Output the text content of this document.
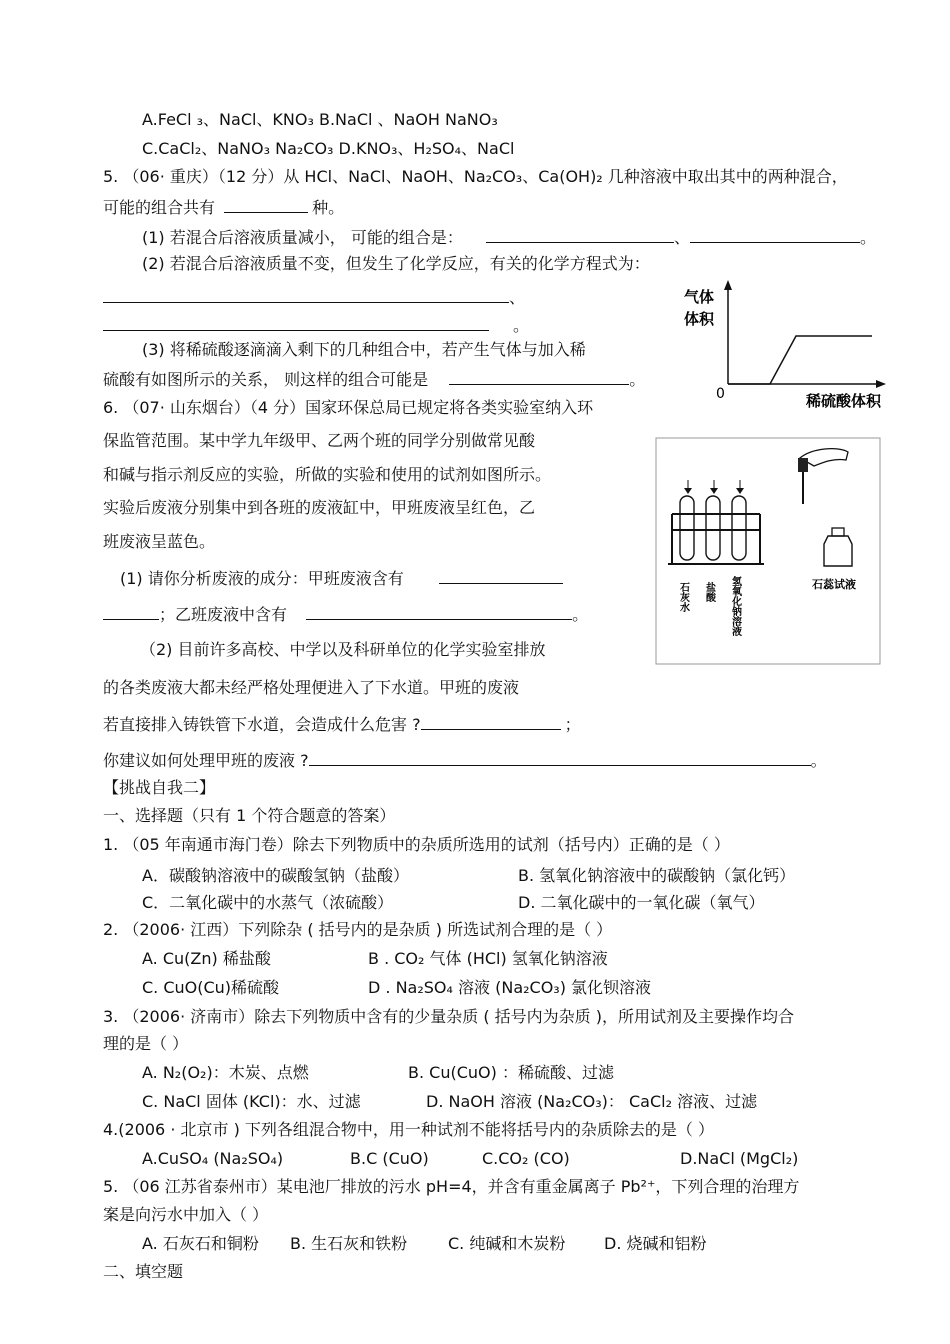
A.FeCl ₃、NaCl、KNO₃ B.NaCl 、NaOH NaNO₃
C.CaCl₂、NaNO₃ Na₂CO₃ D.KNO₃、H₂SO₄、NaCl
5. （06· 重庆）（12 分）从 HCl、NaCl、NaOH、Na₂CO₃、Ca(OH)₂ 几种溶液中取出其中的两种混合，
可能的组合共有	种。
(1) 若混合后溶液质量减小， 可能的组合是：	、	。
(2) 若混合后溶液质量不变，但发生了化学反应，有关的化学方程式为：
、
。
(3) 将稀硫酸逐滴滴入剩下的几种组合中，若产生气体与加入稀
硫酸有如图所示的关系， 则这样的组合可能是	。
气体
体积
0	稀硫酸体积
6. （07· 山东烟台）（4 分）国家环保总局已规定将各类实验室纳入环
保监管范围。某中学九年级甲、乙两个班的同学分别做常见酸
和碱与指示剂反应的实验，所做的实验和使用的试剂如图所示。
实验后废液分别集中到各班的废液缸中，甲班废液呈红色，乙
班废液呈蓝色。
(1) 请你分析废液的成分：甲班废液含有
；乙班废液中含有	。
（2) 目前许多高校、中学以及科研单位的化学实验室排放
的各类废液大都未经严格处理便进入了下水道。甲班的废液
若直接排入铸铁管下水道，会造成什么危害 ?	；
你建议如何处理甲班的废液 ?	。
石灰水 盐酸 氢氧化钠溶液	石蕊试液
【挑战自我二】
一、选择题（只有 1 个符合题意的答案）
1. （05 年南通市海门卷）除去下列物质中的杂质所选用的试剂（括号内）正确的是（ ）
A．碳酸钠溶液中的碳酸氢钠（盐酸）	B. 氢氧化钠溶液中的碳酸钠（氯化钙）
C．二氧化碳中的水蒸气（浓硫酸）	D. 二氧化碳中的一氧化碳（氧气）
2. （2006· 江西）下列除杂 ( 括号内的是杂质 ) 所选试剂合理的是（ ）
A. Cu(Zn) 稀盐酸	B . CO₂ 气体 (HCl) 氢氧化钠溶液
C. CuO(Cu)稀硫酸	D . Na₂SO₄ 溶液 (Na₂CO₃) 氯化钡溶液
3. （2006· 济南市）除去下列物质中含有的少量杂质 ( 括号内为杂质 )，所用试剂及主要操作均合
理的是（ ）
A. N₂(O₂)：木炭、点燃	B. Cu(CuO) ：稀硫酸、过滤
C. NaCl 固体 (KCl)：水、过滤	D. NaOH 溶液 (Na₂CO₃)： CaCl₂ 溶液、过滤
4.(2006 · 北京市 ) 下列各组混合物中，用一种试剂不能将括号内的杂质除去的是（ ）
A.CuSO₄ (Na₂SO₄)	B.C (CuO)	C.CO₂ (CO)	D.NaCl (MgCl₂)
5. （06 江苏省泰州市）某电池厂排放的污水 pH=4，并含有重金属离子 Pb²⁺，下列合理的治理方
案是向污水中加入（ ）
A. 石灰石和铜粉 B. 生石灰和铁粉	C. 纯碱和木炭粉 D. 烧碱和铝粉
二、填空题
